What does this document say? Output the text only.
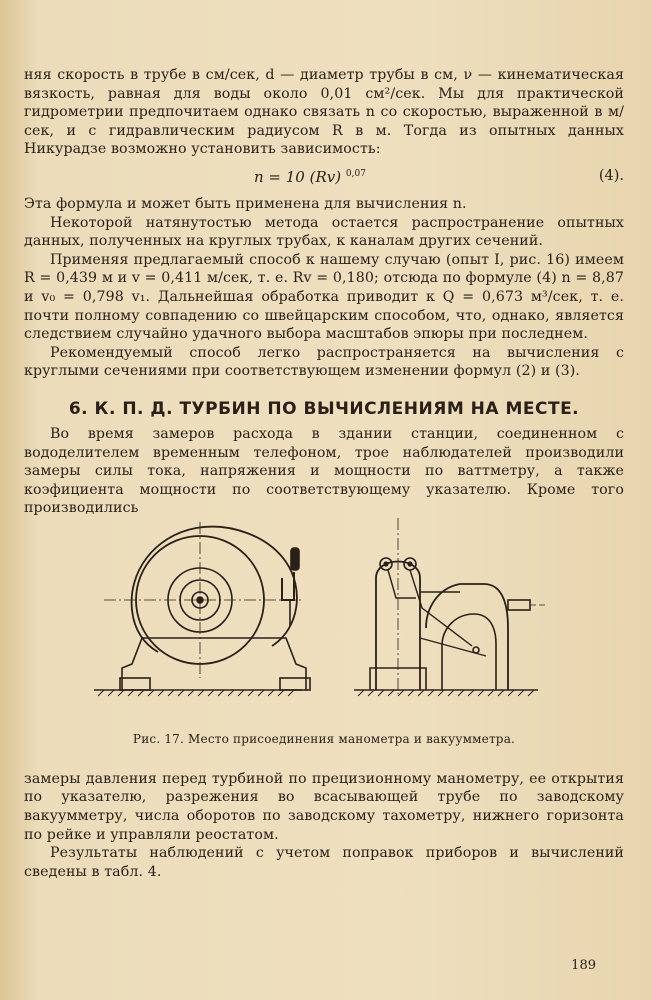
няя скорость в трубе в см/сек, d — диаметр трубы в см, ν — кинематическая вязкость, равная для воды около 0,01 см²/сек. Мы для практической гидрометрии предпочитаем однако связать n со скоростью, выраженной в м/сек, и с гидравлическим радиусом R в м. Тогда из опытных данных Никурадзе возможно установить зависимость:

n = 10 (Rv) $^{0,07}$	(4).

Эта формула и может быть применена для вычисления n.

Некоторой натянутостью метода остается распространение опытных данных, полученных на круглых трубах, к каналам других сечений.

Применяя предлагаемый способ к нашему случаю (опыт I, рис. 16) имеем R = 0,439 м и v = 0,411 м/сек, т. е. Rv = 0,180; отсюда по формуле (4) n = 8,87 и v₀ = 0,798 v₁. Дальнейшая обработка приводит к Q = 0,673 м³/сек, т. е. почти полному совпадению со швейцарским способом, что, однако, является следствием случайно удачного выбора масштабов эпюры при последнем.

Рекомендуемый способ легко распространяется на вычисления с круглыми сечениями при соответствующем изменении формул (2) и (3).

6. К. П. Д. ТУРБИН ПО ВЫЧИСЛЕНИЯМ НА МЕСТЕ.

Во время замеров расхода в здании станции, соединенном с вододелителем временным телефоном, трое наблюдателей производили замеры силы тока, напряжения и мощности по ваттметру, а также коэфициента мощности по соответствующему указателю. Кроме того производились

Рис. 17. Место присоединения манометра и вакуумметра.

замеры давления перед турбиной по прецизионному манометру, ее открытия по указателю, разрежения во всасывающей трубе по заводскому вакуумметру, числа оборотов по заводскому тахометру, нижнего горизонта по рейке и управляли реостатом.

Результаты наблюдений с учетом поправок приборов и вычислений сведены в табл. 4.

189
